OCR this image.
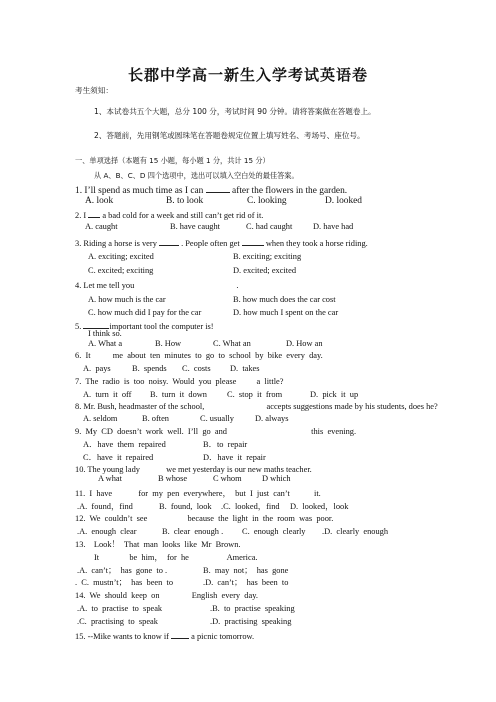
长郡中学高一新生入学考试英语卷
考生须知：
1、本试卷共五个大题，总分 100 分，考试时间 90 分钟。请将答案做在答题卷上。
2、答题前，先用钢笔或圆珠笔在答题卷规定位置上填写姓名、考场号、座位号。
一、单项选择（本题有 15 小题，每小题 1 分，共计 15 分）
从 A、B、C、D 四个选项中，选出可以填入空白处的最佳答案。
1. I’ll spend as much time as I can	after the flowers in the garden.
A. look	B. to look	C. looking	D. looked
2. I a bad cold for a week and still can’t get rid of it.
A. caught	B. have caught	C. had caught D. have had
3. Riding a horse is very	. People often get	when they took a horse riding.
A. exciting; excited	B. exciting; exciting
C. excited; exciting	D. excited; excited
4. Let me tell you	.
A. how much is the car	B. how much does the car cost
C. how much did I pay for the car	D. how much I spent on the car
5.	important tool the computer is!
I think so.
A. What a	B. How	C. What an	D. How an
6.  It	me  about  ten  minutes  to  go  to  school  by  bike  every  day.
A.  pays	B.  spends C.  costs D.  takes
7.  The  radio  is  too  noisy.  Would  you  please a  little?
A.  turn  it  off B.  turn  it  down C.  stop  it  from	D.  pick  it  up
8. Mr. Bush, headmaster of the school,	accepts suggestions made by his students, does he?
A. seldom	B. often	C. usually	D. always
9.  My  CD  doesn’t  work  well.  I’ll  go  and	this  evening.
A．have  them  repaired	B．to  repair
C．have  it  repaired	D．have  it  repair
10. The young lady	we met yesterday is our new maths teacher.
A what	B whose	C whom D which
11.  I  have	for  my  pen  everywhere，  but  I  just  can’t	it.
.A.  found，find	B.  found,  look .C.  looked，find D.  looked，look
12.  We  couldn’t  see	because  the  light  in  the  room  was  poor.
.A.  enough  clear	B.  clear  enough . C.  enough  clearly .D.  clearly  enough
13. Look！  That  man  looks  like  Mr  Brown.
It	be  him，  for  he	America.
.A.  can’t；  has  gone  to .	B.  may  not；  has  gone
.  C.  mustn’t；  has  been  to	.D.  can’t；  has  been  to
14.  We  should  keep  on	English  every  day.
.A.  to  practise  to  speak	.B.  to  practise  speaking
.C.  practising  to  speak	.D.  practising  speaking
15. --Mike wants to know if	a picnic tomorrow.
